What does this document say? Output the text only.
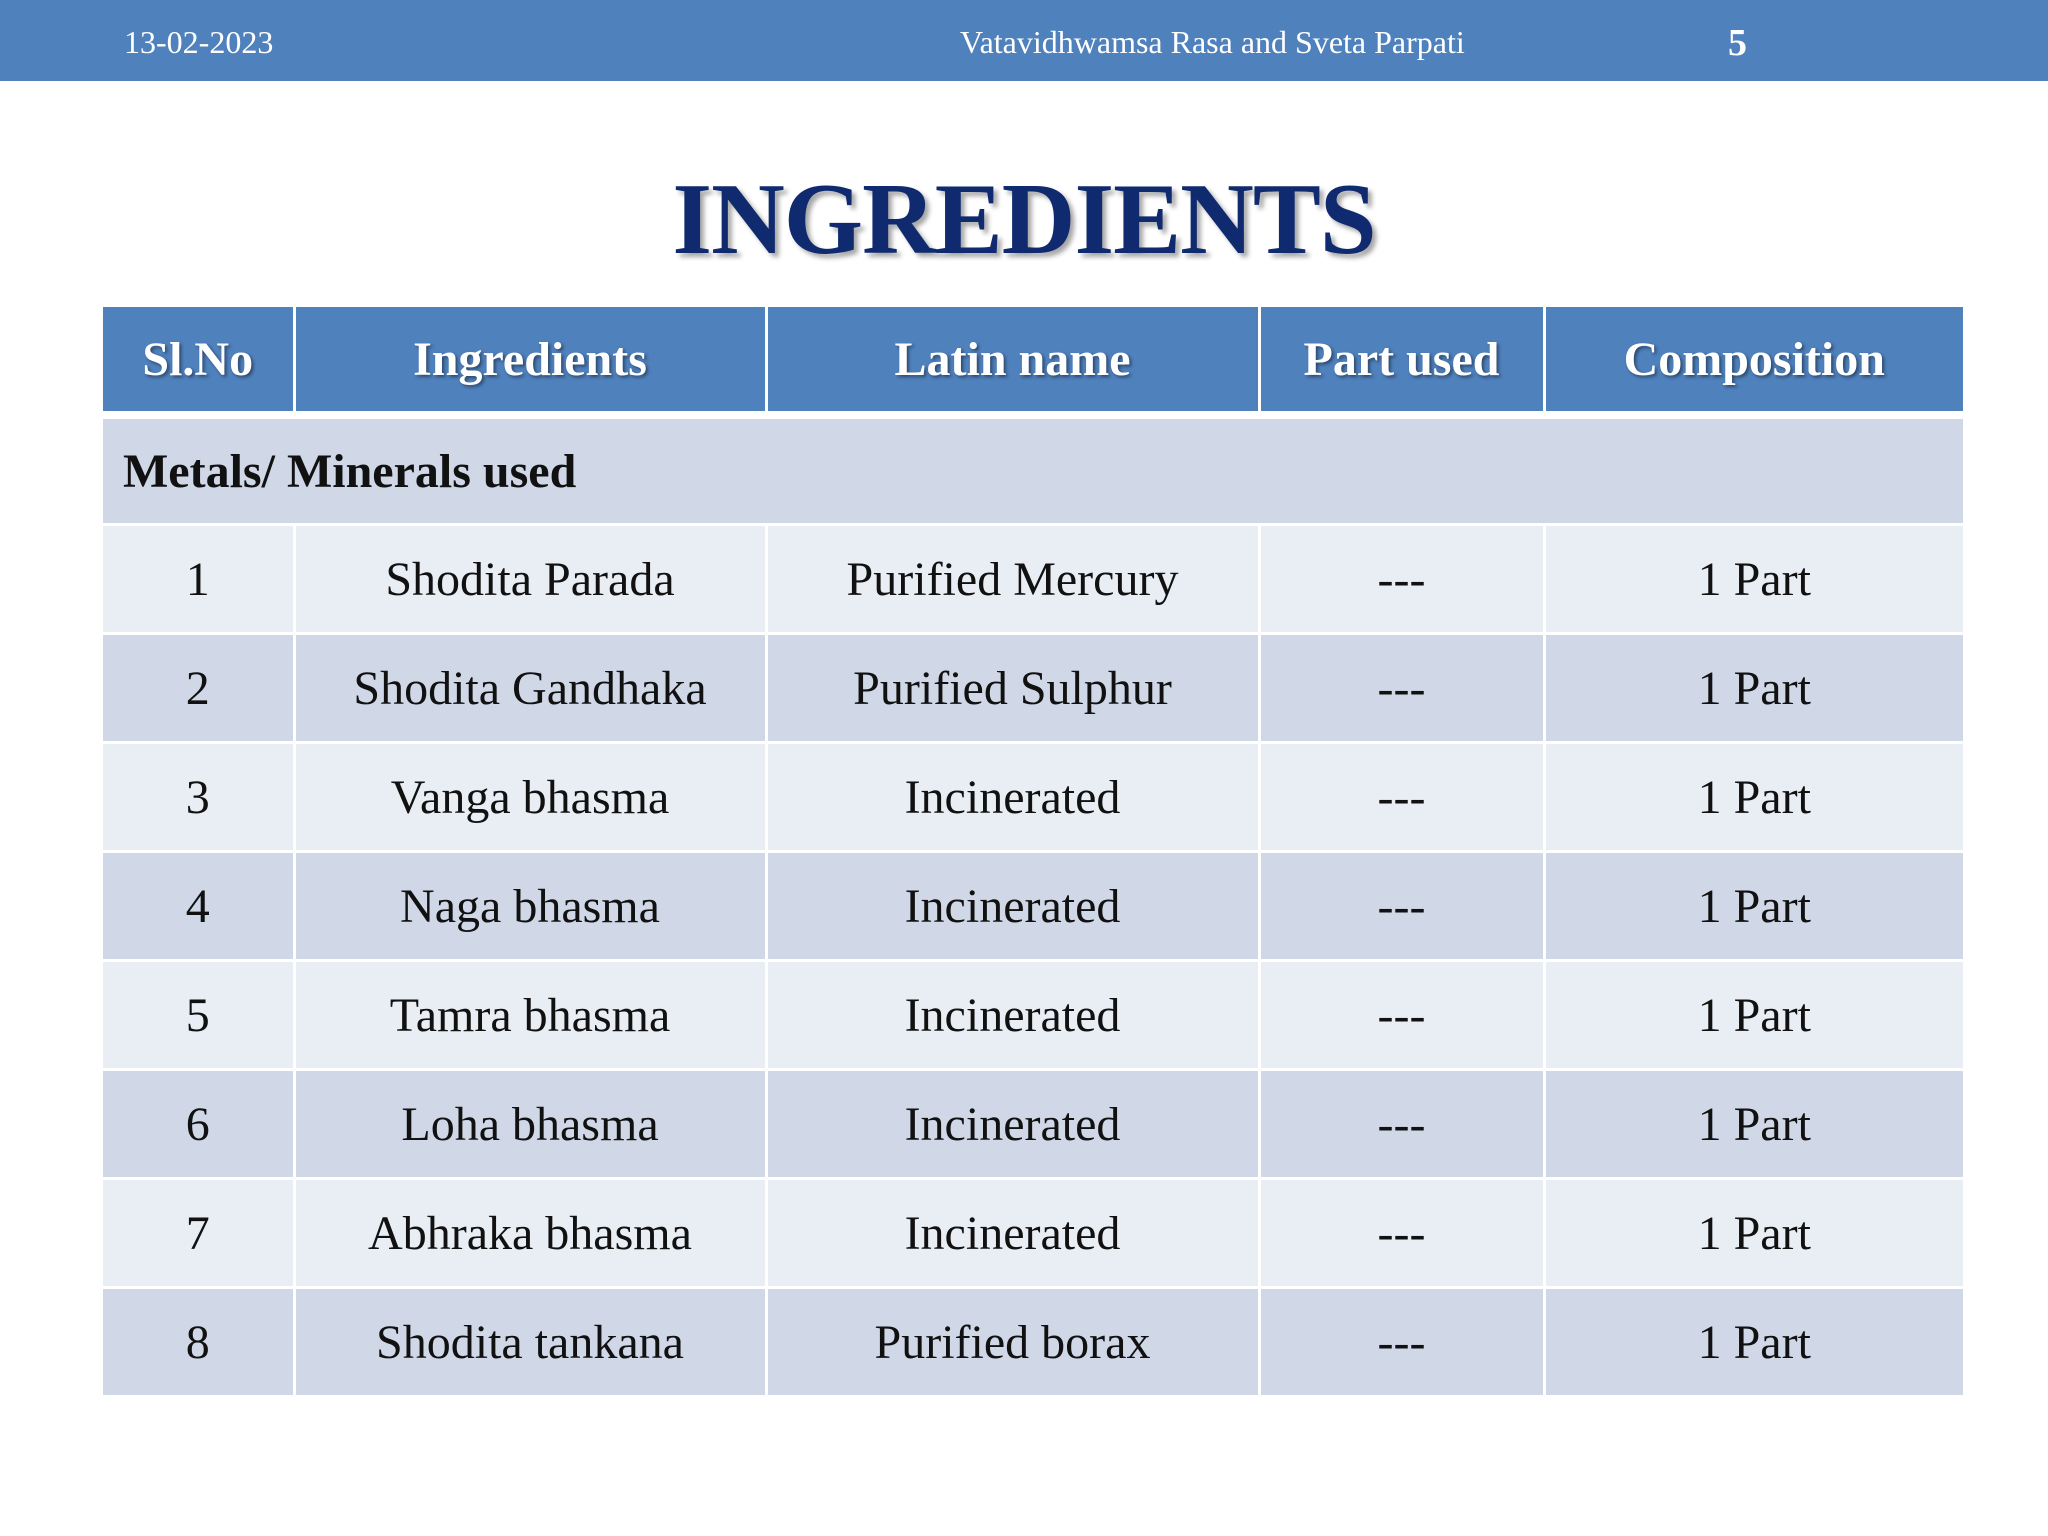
13-02-2023	Vatavidhwamsa Rasa and Sveta Parpati	5
INGREDIENTS
Sl.No	Ingredients	Latin name	Part used	Composition
Metals/ Minerals used				
1	Shodita Parada	Purified Mercury	---	1 Part
2	Shodita Gandhaka	Purified Sulphur	---	1 Part
3	Vanga bhasma	Incinerated	---	1 Part
4	Naga bhasma	Incinerated	---	1 Part
5	Tamra bhasma	Incinerated	---	1 Part
6	Loha bhasma	Incinerated	---	1 Part
7	Abhraka bhasma	Incinerated	---	1 Part
8	Shodita tankana	Purified borax	---	1 Part
